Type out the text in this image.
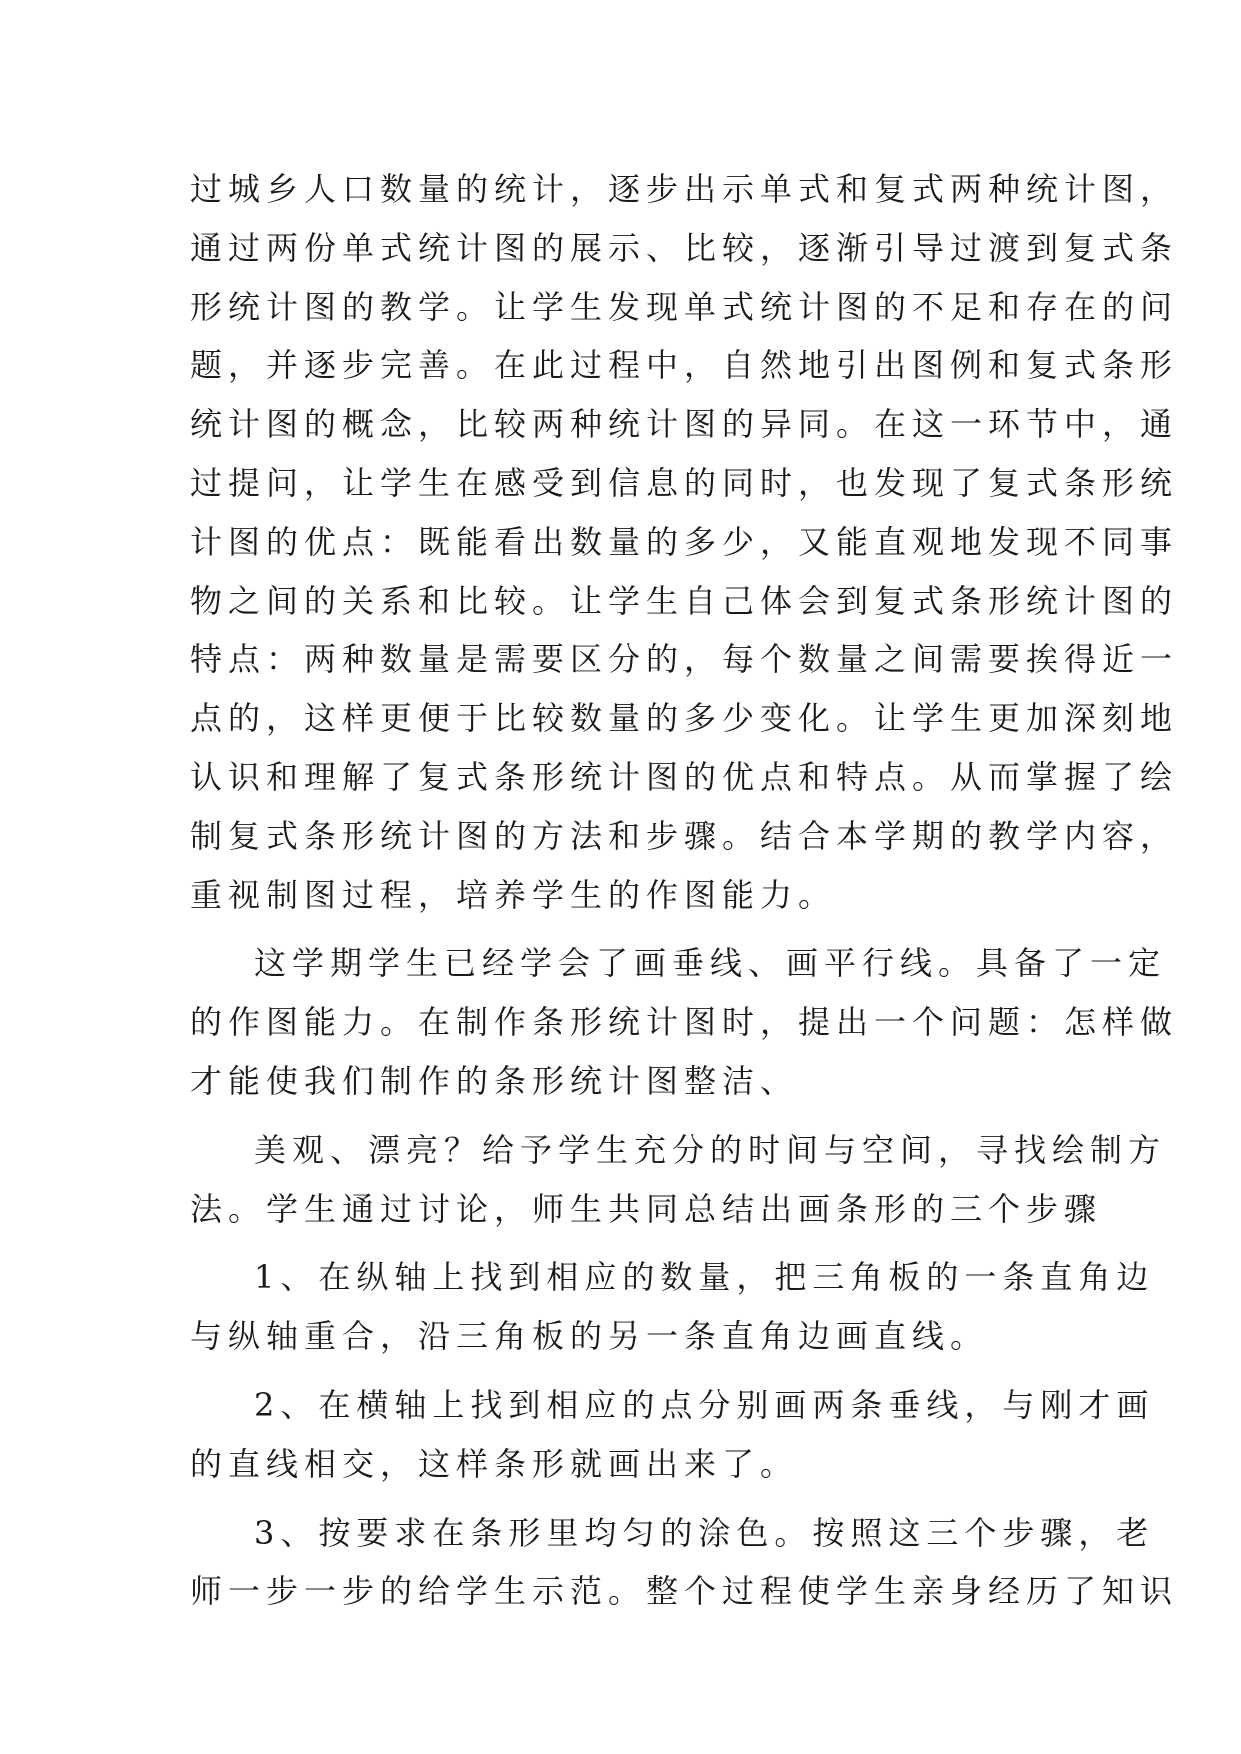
过城乡人口数量的统计，逐步出示单式和复式两种统计图，
通过两份单式统计图的展示、比较，逐渐引导过渡到复式条
形统计图的教学。让学生发现单式统计图的不足和存在的问
题，并逐步完善。在此过程中，自然地引出图例和复式条形
统计图的概念，比较两种统计图的异同。在这一环节中，通
过提问，让学生在感受到信息的同时，也发现了复式条形统
计图的优点：既能看出数量的多少，又能直观地发现不同事
物之间的关系和比较。让学生自己体会到复式条形统计图的
特点：两种数量是需要区分的，每个数量之间需要挨得近一
点的，这样更便于比较数量的多少变化。让学生更加深刻地
认识和理解了复式条形统计图的优点和特点。从而掌握了绘
制复式条形统计图的方法和步骤。结合本学期的教学内容，
重视制图过程，培养学生的作图能力。
这学期学生已经学会了画垂线、画平行线。具备了一定
的作图能力。在制作条形统计图时，提出一个问题：怎样做
才能使我们制作的条形统计图整洁、
美观、漂亮？给予学生充分的时间与空间，寻找绘制方
法。学生通过讨论，师生共同总结出画条形的三个步骤
1、在纵轴上找到相应的数量，把三角板的一条直角边
与纵轴重合，沿三角板的另一条直角边画直线。
2、在横轴上找到相应的点分别画两条垂线，与刚才画
的直线相交，这样条形就画出来了。
3、按要求在条形里均匀的涂色。按照这三个步骤，老
师一步一步的给学生示范。整个过程使学生亲身经历了知识
